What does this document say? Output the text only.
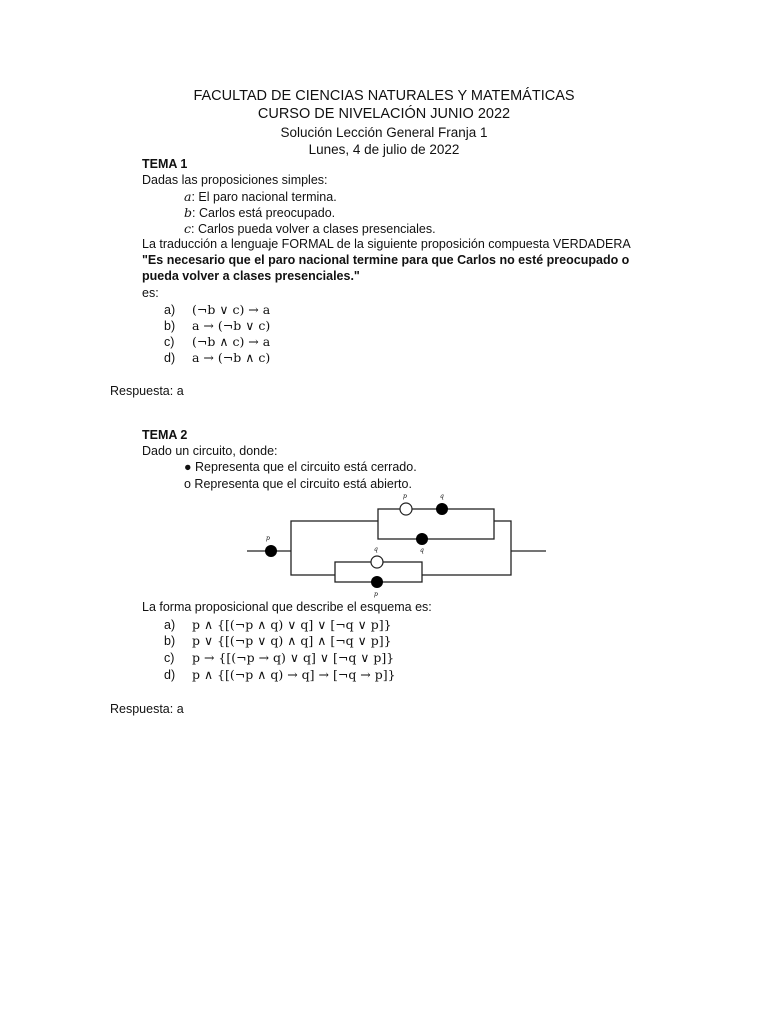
FACULTAD DE CIENCIAS NATURALES Y MATEMÁTICAS
CURSO DE NIVELACIÓN JUNIO 2022
Solución Lección General Franja 1
Lunes, 4 de julio de 2022
TEMA 1
Dadas las proposiciones simples:
a: El paro nacional termina.
b: Carlos está preocupado.
c: Carlos pueda volver a clases presenciales.
La traducción a lenguaje FORMAL de la siguiente proposición compuesta VERDADERA
"Es necesario que el paro nacional termine para que Carlos no esté preocupado o
pueda volver a clases presenciales."
es:
a) (¬b ∨ c) → a
b) a → (¬b ∨ c)
c) (¬b ∧ c) → a
d) a → (¬b ∧ c)
Respuesta: a
TEMA 2
Dado un circuito, donde:
● Representa que el circuito está cerrado.
o Representa que el circuito está abierto.
p
p	q
q
q
p
La forma proposicional que describe el esquema es:
a) p ∧ {[(¬p ∧ q) ∨ q] ∨ [¬q ∨ p]}
b) p ∨ {[(¬p ∨ q) ∧ q] ∧ [¬q ∨ p]}
c) p → {[(¬p → q) ∨ q] ∨ [¬q ∨ p]}
d) p ∧ {[(¬p ∧ q) → q] → [¬q → p]}
Respuesta: a
